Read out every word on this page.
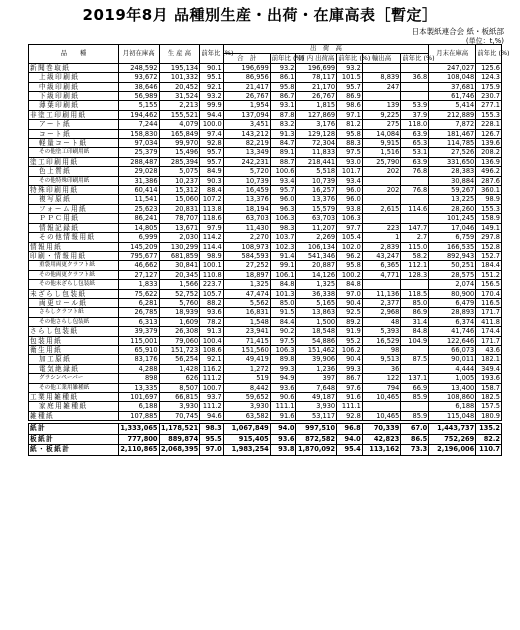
2019年8月 品種別生産・出荷・在庫高表［暫定］
日本製紙連合会 紙・板紙部
(単位：t,%)
品　　種	月初在庫高	生 産 高	前年比 (%)	出　荷　高						月末在庫高	前年比 (%)
				合　計	前年比 (%)	国 内 出荷高	前年比 (%)	輸出高	前年比 (%)		
新聞巻取紙	248,592	195,134	90.1	196,699	93.2	196,699	93.2			247,027	125.6
上級印刷紙	93,672	101,332	95.1	86,956	86.1	78,117	101.5	8,839	36.8	108,048	124.3
中級印刷紙	38,646	20,452	92.1	21,417	95.8	21,170	95.7	247		37,681	175.9
下級印刷紙	56,989	31,524	93.2	26,767	86.7	26,767	86.9			61,746	230.7
薄葉印刷紙	5,155	2,213	99.9	1,954	93.1	1,815	98.6	139	53.9	5,414	277.1
非塗工印刷用紙	194,462	155,521	94.4	137,094	87.8	127,869	97.1	9,225	37.9	212,889	155.3
アート紙	7,244	4,079	100.0	3,451	83.2	3,176	81.2	275	118.0	7,872	228.1
コート紙	158,830	165,849	97.4	143,212	91.3	129,128	95.8	14,084	63.9	181,467	126.7
軽量コート紙	97,034	99,970	92.8	82,219	84.7	72,304	88.3	9,915	65.3	114,785	139.6
その他塗工印刷用紙	25,379	15,496	95.7	13,349	89.1	11,833	97.5	1,516	53.1	27,526	208.2
塗工印刷用紙	288,487	285,394	95.7	242,231	88.7	218,441	93.0	25,790	63.9	331,650	136.9
色上質紙	29,028	5,075	84.9	5,720	100.6	5,518	101.7	202	76.8	28,383	496.2
その他特殊印刷用紙	31,386	10,237	90.3	10,739	93.4	10,739	93.4			30,884	287.6
特殊印刷用紙	60,414	15,312	88.4	16,459	95.7	16,257	96.0	202	76.8	59,267	360.1
複写原紙	11,541	15,060	107.2	13,376	96.0	13,376	96.0			13,225	98.9
フォーム用紙	25,623	20,831	113.8	18,194	96.3	15,579	93.8	2,615	114.6	28,260	155.3
ＰＰＣ用紙	86,241	78,707	118.6	63,703	106.3	63,703	106.3			101,245	158.9
情報記録紙	14,805	13,671	97.9	11,430	98.3	11,207	97.7	223	147.7	17,046	149.1
その他情報用紙	6,999	2,030	114.2	2,270	103.7	2,269	105.4	1	2.7	6,759	297.8
情報用紙	145,209	130,299	114.4	108,973	102.3	106,134	102.0	2,839	115.0	166,535	152.8
印刷・情報用紙	795,677	681,859	98.9	584,593	91.4	541,346	96.2	43,247	58.2	892,943	152.7
重袋用両更クラフト紙	46,662	30,841	100.1	27,252	99.1	20,887	95.8	6,365	112.1	50,251	184.4
その他両更クラフト紙	27,127	20,345	110.8	18,897	106.1	14,126	100.2	4,771	128.3	28,575	151.2
その他未ざらし包装紙	1,833	1,566	223.7	1,325	84.8	1,325	84.8			2,074	156.5
未ざらし包装紙	75,622	52,752	105.7	47,474	101.3	36,338	97.0	11,136	118.5	80,900	170.4
両更ロール紙	6,281	5,760	88.2	5,562	85.0	5,165	90.4	2,377	85.0	6,479	116.5
さらしクラフト紙	26,785	18,939	93.6	16,831	91.5	13,863	92.5	2,968	86.9	28,893	171.7
その他さらし包装紙	6,313	1,609	78.2	1,548	84.4	1,500	89.2	48	31.4	6,374	411.8
さらし包装紙	39,379	26,308	91.3	23,941	90.2	18,548	91.9	5,393	84.8	41,746	174.4
包装用紙	115,001	79,060	100.4	71,415	97.5	54,886	95.2	16,529	104.9	122,646	171.7
衛生用紙	65,910	151,723	108.6	151,560	106.3	151,462	106.2	98		66,073	43.6
加工原紙	83,176	56,254	92.1	49,419	89.8	39,906	90.4	9,513	87.5	90,011	182.1
電気絶縁紙	4,288	1,428	116.2	1,272	99.3	1,236	99.3	36		4,444	349.4
グラシンペーパー	898	626	111.2	519	94.9	397	86.7	122	137.1	1,005	193.6
その他工業用雑種紙	13,335	8,507	100.7	8,442	93.6	7,648	97.6	794	66.9	13,400	158.7
工業用雑種紙	101,697	66,815	93.7	59,652	90.6	49,187	91.6	10,465	85.9	108,860	182.5
家庭用雑種紙	6,188	3,930	111.2	3,930	111.1	3,930	111.1			6,188	157.5
雑種紙	107,885	70,745	94.6	63,582	91.6	53,117	92.8	10,465	85.9	115,048	180.9

紙計	1,333,065	1,178,521	98.3	1,067,849	94.0	997,510	96.8	70,339	67.0	1,443,737	135.2
板紙計	777,800	889,874	95.5	915,405	93.6	872,582	94.0	42,823	86.5	752,269	82.2
紙・板紙計	2,110,865	2,068,395	97.0	1,983,254	93.8	1,870,092	95.4	113,162	73.3	2,196,006	110.7
